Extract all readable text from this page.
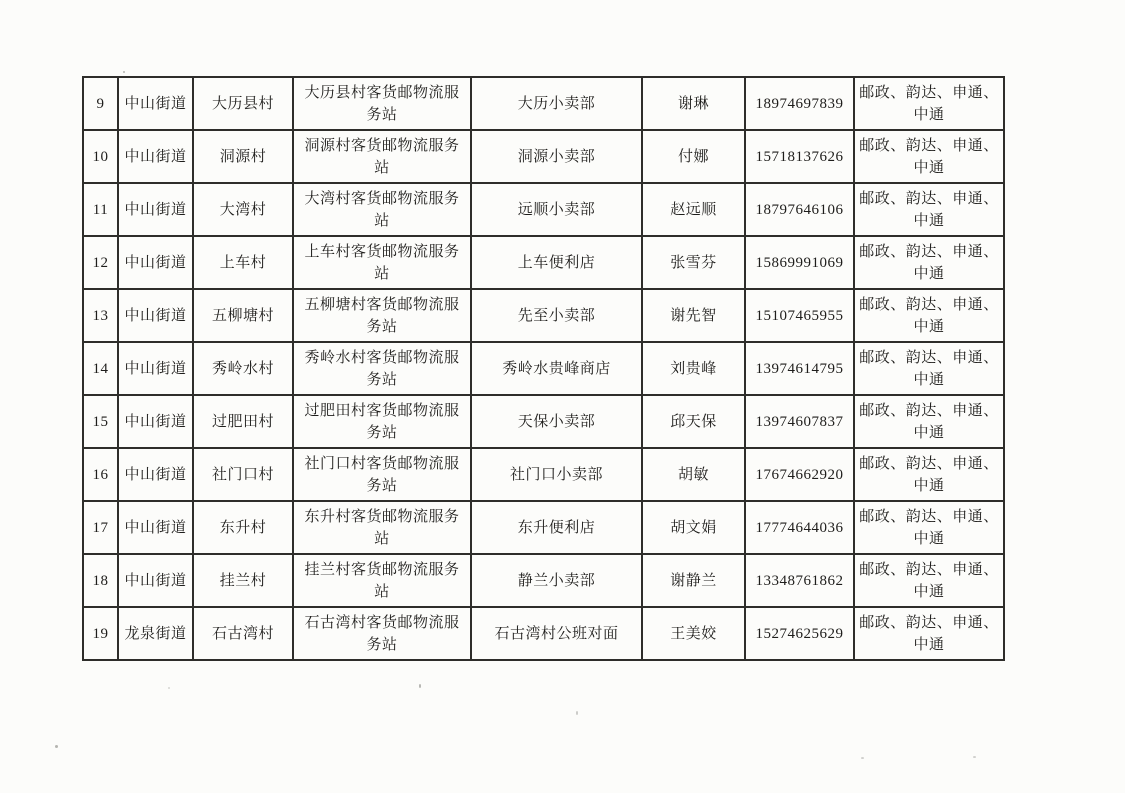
9	中山街道	大历县村	大历县村客货邮物流服务站	大历小卖部	谢琳	18974697839	邮政、韵达、申通、中通
10	中山街道	洞源村	洞源村客货邮物流服务站	洞源小卖部	付娜	15718137626	邮政、韵达、申通、中通
11	中山街道	大湾村	大湾村客货邮物流服务站	远顺小卖部	赵远顺	18797646106	邮政、韵达、申通、中通
12	中山街道	上车村	上车村客货邮物流服务站	上车便利店	张雪芬	15869991069	邮政、韵达、申通、中通
13	中山街道	五柳塘村	五柳塘村客货邮物流服务站	先至小卖部	谢先智	15107465955	邮政、韵达、申通、中通
14	中山街道	秀岭水村	秀岭水村客货邮物流服务站	秀岭水贵峰商店	刘贵峰	13974614795	邮政、韵达、申通、中通
15	中山街道	过肥田村	过肥田村客货邮物流服务站	天保小卖部	邱天保	13974607837	邮政、韵达、申通、中通
16	中山街道	社门口村	社门口村客货邮物流服务站	社门口小卖部	胡敏	17674662920	邮政、韵达、申通、中通
17	中山街道	东升村	东升村客货邮物流服务站	东升便利店	胡文娟	17774644036	邮政、韵达、申通、中通
18	中山街道	挂兰村	挂兰村客货邮物流服务站	静兰小卖部	谢静兰	13348761862	邮政、韵达、申通、中通
19	龙泉街道	石古湾村	石古湾村客货邮物流服务站	石古湾村公班对面	王美姣	15274625629	邮政、韵达、申通、中通
